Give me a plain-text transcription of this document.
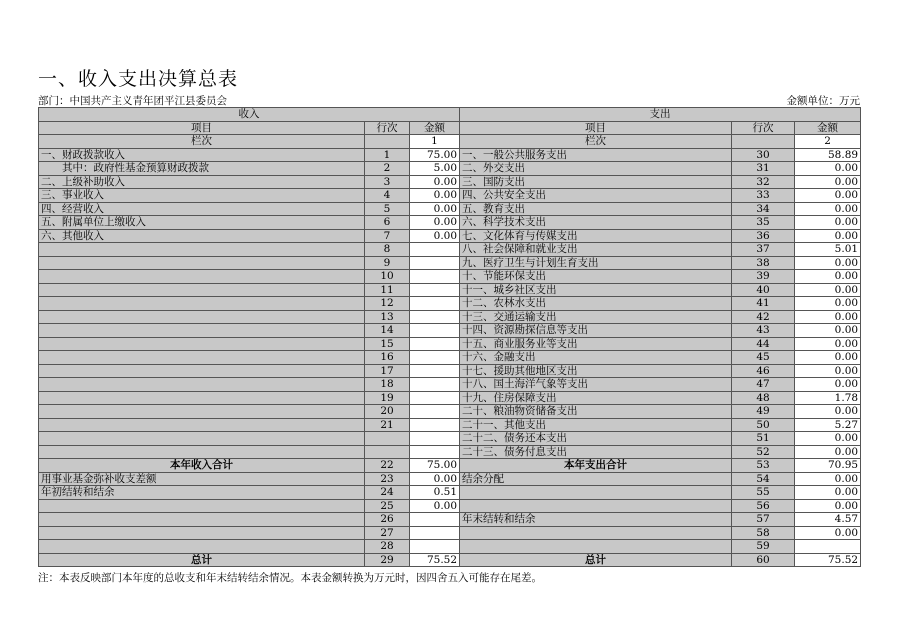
一、收入支出决算总表
部门：中国共产主义青年团平江县委员会	金额单位：万元
收入			支出		
项目	行次	金额	项目	行次	金额
栏次		1	栏次		2
一、财政拨款收入	1	75.00	一、一般公共服务支出	30	58.89
　　其中：政府性基金预算财政拨款	2	5.00	二、外交支出	31	0.00
二、上级补助收入	3	0.00	三、国防支出	32	0.00
三、事业收入	4	0.00	四、公共安全支出	33	0.00
四、经营收入	5	0.00	五、教育支出	34	0.00
五、附属单位上缴收入	6	0.00	六、科学技术支出	35	0.00
六、其他收入	7	0.00	七、文化体育与传媒支出	36	0.00
	8		八、社会保障和就业支出	37	5.01
	9		九、医疗卫生与计划生育支出	38	0.00
	10		十、节能环保支出	39	0.00
	11		十一、城乡社区支出	40	0.00
	12		十二、农林水支出	41	0.00
	13		十三、交通运输支出	42	0.00
	14		十四、资源勘探信息等支出	43	0.00
	15		十五、商业服务业等支出	44	0.00
	16		十六、金融支出	45	0.00
	17		十七、援助其他地区支出	46	0.00
	18		十八、国土海洋气象等支出	47	0.00
	19		十九、住房保障支出	48	1.78
	20		二十、粮油物资储备支出	49	0.00
	21		二十一、其他支出	50	5.27
			二十二、债务还本支出	51	0.00
			二十三、债务付息支出	52	0.00
本年收入合计	22	75.00	本年支出合计	53	70.95
用事业基金弥补收支差额	23	0.00	结余分配	54	0.00
年初结转和结余	24	0.51		55	0.00
	25	0.00		56	0.00
	26		年末结转和结余	57	4.57
	27			58	0.00
	28			59	
总计	29	75.52	总计	60	75.52
注：本表反映部门本年度的总收支和年末结转结余情况。本表金额转换为万元时，因四舍五入可能存在尾差。
